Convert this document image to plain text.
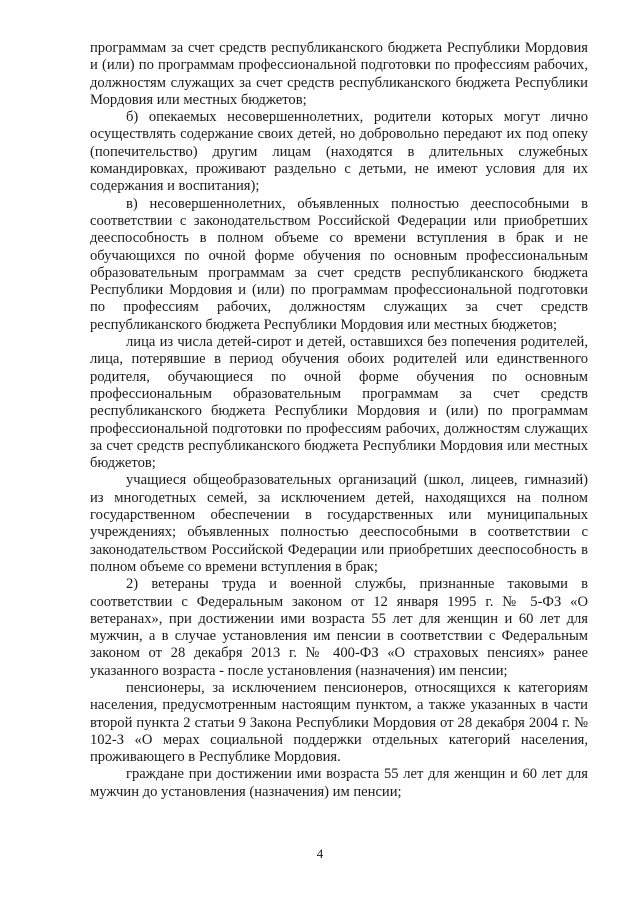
программам за счет средств республиканского бюджета Республики Мордовия и (или) по программам профессиональной подготовки по профессиям рабочих, должностям служащих за счет средств республиканского бюджета Республики Мордовия или местных бюджетов;

б) опекаемых несовершеннолетних, родители которых могут лично осуществлять содержание своих детей, но добровольно передают их под опеку (попечительство) другим лицам (находятся в длительных служебных командировках, проживают раздельно с детьми, не имеют условия для их содержания и воспитания);

в) несовершеннолетних, объявленных полностью дееспособными в соответствии с законодательством Российской Федерации или приобретших дееспособность в полном объеме со времени вступления в брак и не обучающихся по очной форме обучения по основным профессиональным образовательным программам за счет средств республиканского бюджета Республики Мордовия и (или) по программам профессиональной подготовки по профессиям рабочих, должностям служащих за счет средств республиканского бюджета Республики Мордовия или местных бюджетов;

лица из числа детей-сирот и детей, оставшихся без попечения родителей, лица, потерявшие в период обучения обоих родителей или единственного родителя, обучающиеся по очной форме обучения по основным профессиональным образовательным программам за счет средств республиканского бюджета Республики Мордовия и (или) по программам профессиональной подготовки по профессиям рабочих, должностям служащих за счет средств республиканского бюджета Республики Мордовия или местных бюджетов;

учащиеся общеобразовательных организаций (школ, лицеев, гимназий) из многодетных семей, за исключением детей, находящихся на полном государственном обеспечении в государственных или муниципальных учреждениях; объявленных полностью дееспособными в соответствии с законодательством Российской Федерации или приобретших дееспособность в полном объеме со времени вступления в брак;

2) ветераны труда и военной службы, признанные таковыми в соответствии с Федеральным законом от 12 января 1995 г. № 5-ФЗ «О ветеранах», при достижении ими возраста 55 лет для женщин и 60 лет для мужчин, а в случае установления им пенсии в соответствии с Федеральным законом от 28 декабря 2013 г. № 400-ФЗ «О страховых пенсиях» ранее указанного возраста - после установления (назначения) им пенсии;

пенсионеры, за исключением пенсионеров, относящихся к категориям населения, предусмотренным настоящим пунктом, а также указанных в части второй пункта 2 статьи 9 Закона Республики Мордовия от 28 декабря 2004 г. № 102-З «О мерах социальной поддержки отдельных категорий населения, проживающего в Республике Мордовия.

граждане при достижении ими возраста 55 лет для женщин и 60 лет для мужчин до установления (назначения) им пенсии;

4
